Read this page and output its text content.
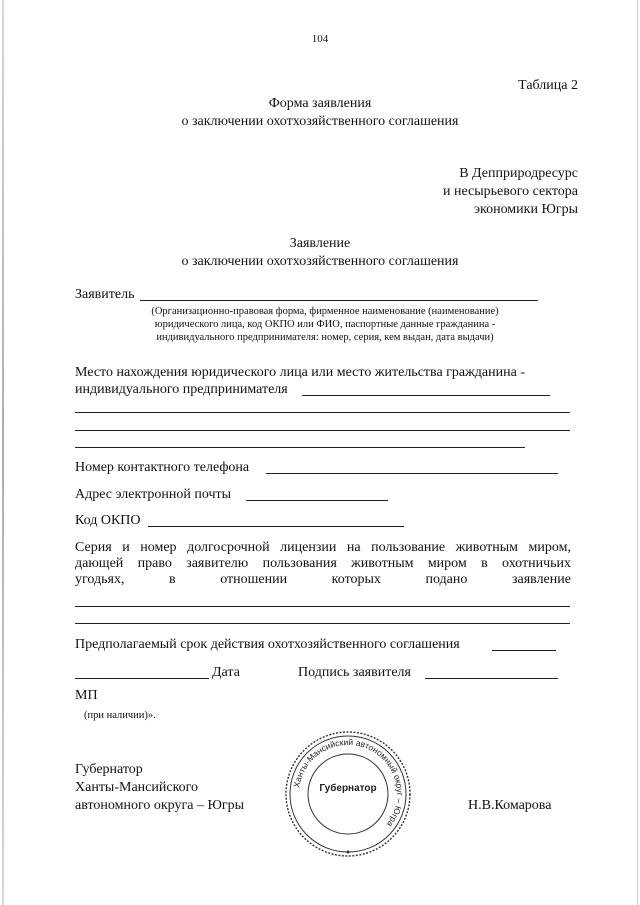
104
Таблица 2
Форма заявления
о заключении охотхозяйственного соглашения
В Депприродресурс
и несырьевого сектора
экономики Югры
Заявление
о заключении охотхозяйственного соглашения
Заявитель
(Организационно-правовая форма, фирменное наименование (наименование)
юридического лица, код ОКПО или ФИО, паспортные данные гражданина -
индивидуального предпринимателя: номер, серия, кем выдан, дата выдачи)
Место нахождения юридического лица или место жительства гражданина -
индивидуального предпринимателя
Номер контактного телефона
Адрес электронной почты
Код ОКПО
Серия и номер долгосрочной лицензии на пользование животным миром,
дающей право заявителю пользования животным миром в охотничьих
угодьях,	в	отношении	которых	подано	заявление
Предполагаемый срок действия охотхозяйственного соглашения
Дата	Подпись заявителя
МП
(при наличии)».
Губернатор
Ханты-Мансийского
автономного округа – Югры	Н.В.Комарова
Ханты-Мансийский автономный округ – Югра
Губернатор
